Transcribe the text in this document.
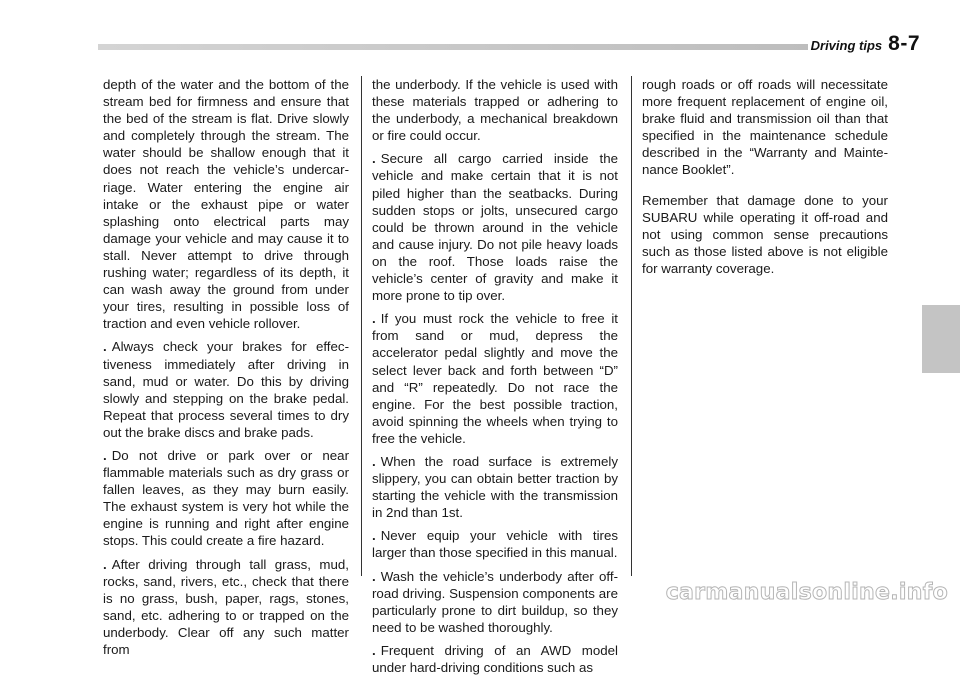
Driving tips 8-7

depth of the water and the bottom of the stream bed for firmness and ensure that the bed of the stream is flat. Drive slowly and completely through the stream. The water should be shallow enough that it does not reach the vehicle’s undercarriage. Water entering the engine air intake or the exhaust pipe or water splashing onto electrical parts may damage your vehicle and may cause it to stall. Never attempt to drive through rushing water; regardless of its depth, it can wash away the ground from under your tires, resulting in possible loss of traction and even vehicle rollover.

. Always check your brakes for effectiveness immediately after driving in sand, mud or water. Do this by driving slowly and stepping on the brake pedal. Repeat that process several times to dry out the brake discs and brake pads.

. Do not drive or park over or near flammable materials such as dry grass or fallen leaves, as they may burn easily. The exhaust system is very hot while the engine is running and right after engine stops. This could create a fire hazard.

. After driving through tall grass, mud, rocks, sand, rivers, etc., check that there is no grass, bush, paper, rags, stones, sand, etc. adhering to or trapped on the underbody. Clear off any such matter from

the underbody. If the vehicle is used with these materials trapped or adhering to the underbody, a mechanical breakdown or fire could occur.

. Secure all cargo carried inside the vehicle and make certain that it is not piled higher than the seatbacks. During sudden stops or jolts, unsecured cargo could be thrown around in the vehicle and cause injury. Do not pile heavy loads on the roof. Those loads raise the vehicle’s center of gravity and make it more prone to tip over.

. If you must rock the vehicle to free it from sand or mud, depress the accelerator pedal slightly and move the select lever back and forth between “D” and “R” repeatedly. Do not race the engine. For the best possible traction, avoid spinning the wheels when trying to free the vehicle.

. When the road surface is extremely slippery, you can obtain better traction by starting the vehicle with the transmission in 2nd than 1st.

. Never equip your vehicle with tires larger than those specified in this manual.

. Wash the vehicle’s underbody after off-road driving. Suspension components are particularly prone to dirt buildup, so they need to be washed thoroughly.

. Frequent driving of an AWD model under hard-driving conditions such as

rough roads or off roads will necessitate more frequent replacement of engine oil, brake fluid and transmission oil than that specified in the maintenance schedule described in the “Warranty and Maintenance Booklet”.

Remember that damage done to your SUBARU while operating it off-road and not using common sense precautions such as those listed above is not eligible for warranty coverage.

carmanualsonline.info
